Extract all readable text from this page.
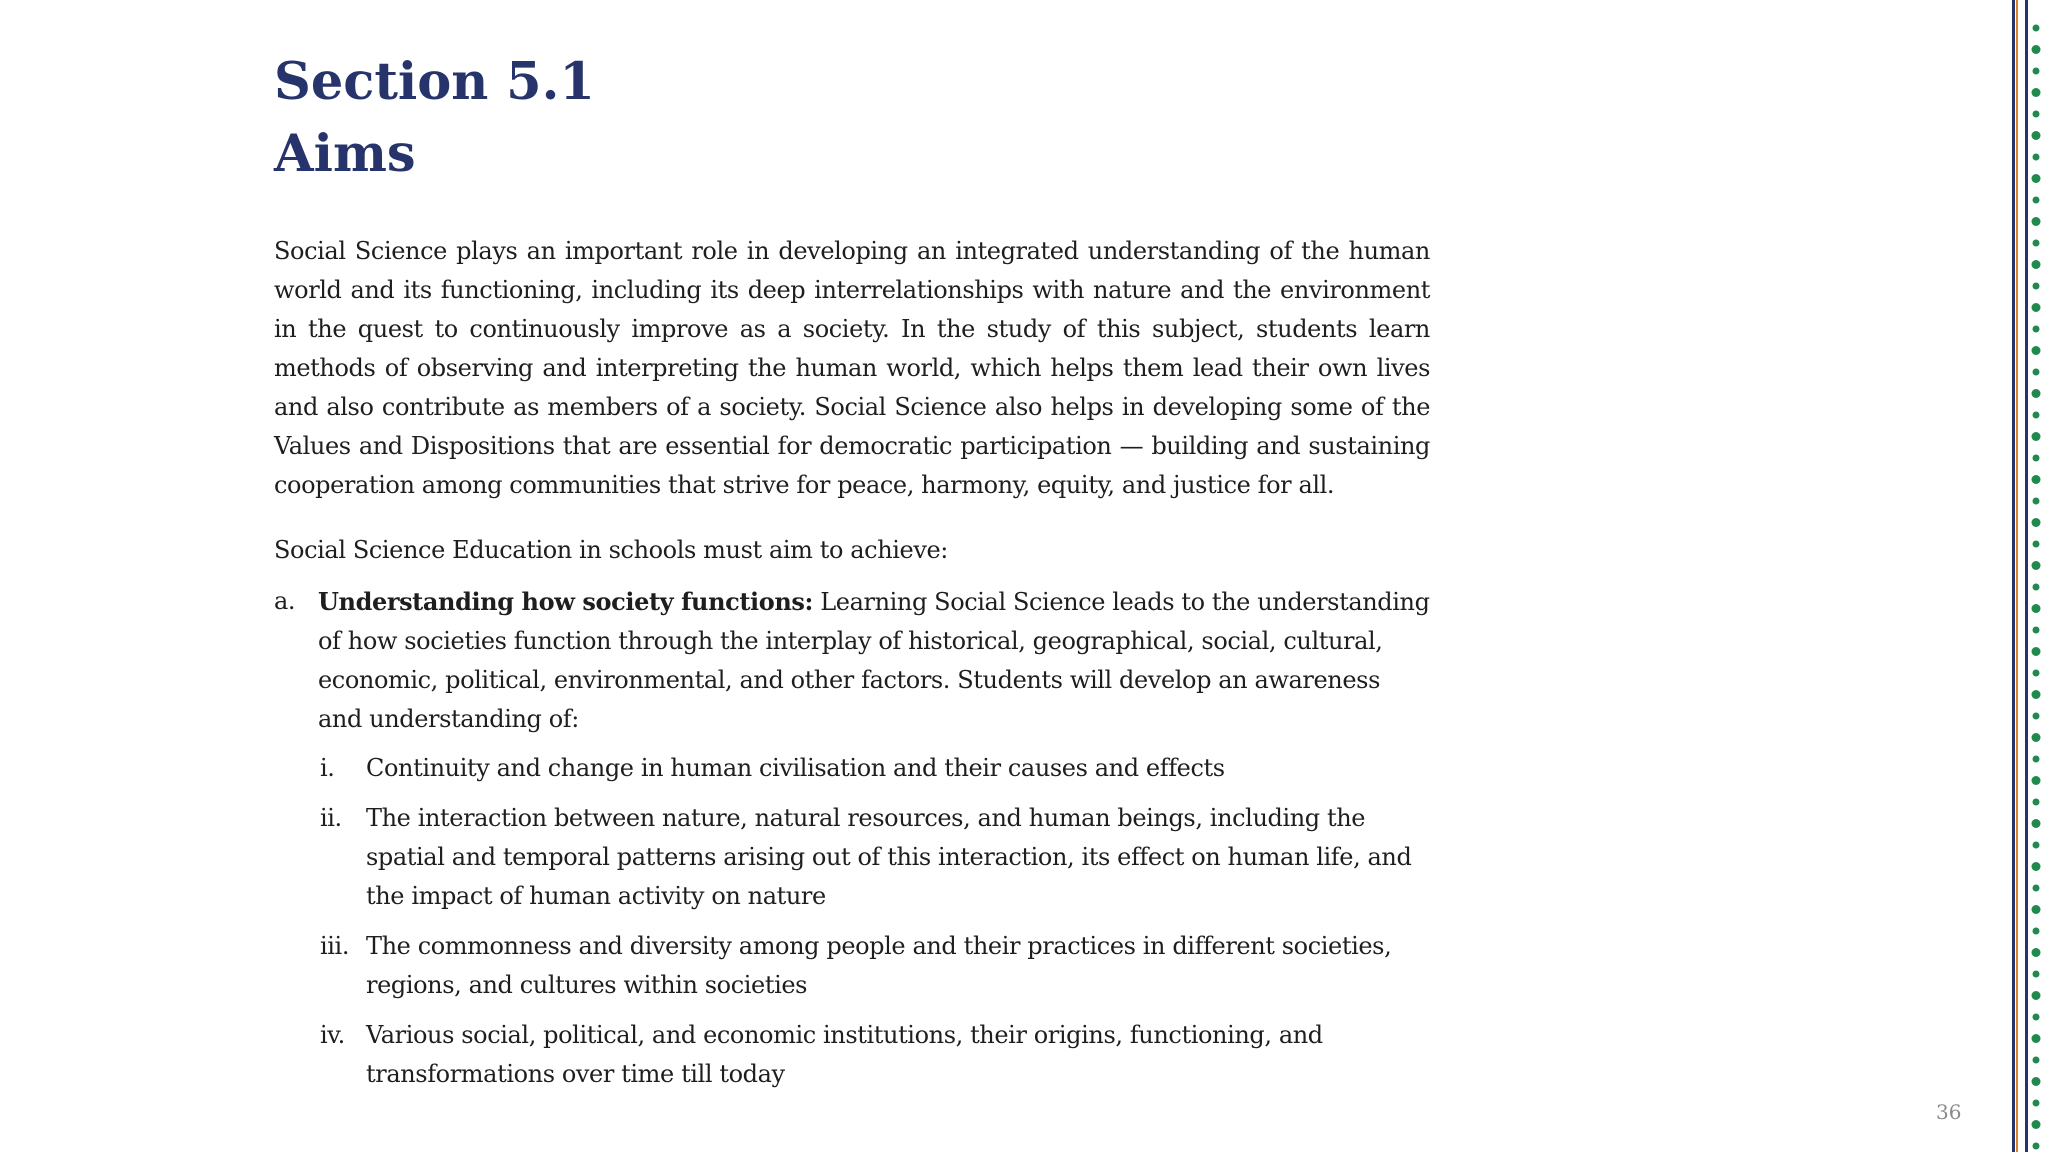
Section 5.1
Aims

Social Science plays an important role in developing an integrated understanding of the human world and its functioning, including its deep interrelationships with nature and the environment in the quest to continuously improve as a society. In the study of this subject, students learn methods of observing and interpreting the human world, which helps them lead their own lives and also contribute as members of a society. Social Science also helps in developing some of the Values and Dispositions that are essential for democratic participation — building and sustaining cooperation among communities that strive for peace, harmony, equity, and justice for all.

Social Science Education in schools must aim to achieve:

a. Understanding how society functions: Learning Social Science leads to the understanding of how societies function through the interplay of historical, geographical, social, cultural, economic, political, environmental, and other factors. Students will develop an awareness and understanding of:
i. Continuity and change in human civilisation and their causes and effects
ii. The interaction between nature, natural resources, and human beings, including the spatial and temporal patterns arising out of this interaction, its effect on human life, and the impact of human activity on nature
iii. The commonness and diversity among people and their practices in different societies, regions, and cultures within societies
iv. Various social, political, and economic institutions, their origins, functioning, and transformations over time till today
36
